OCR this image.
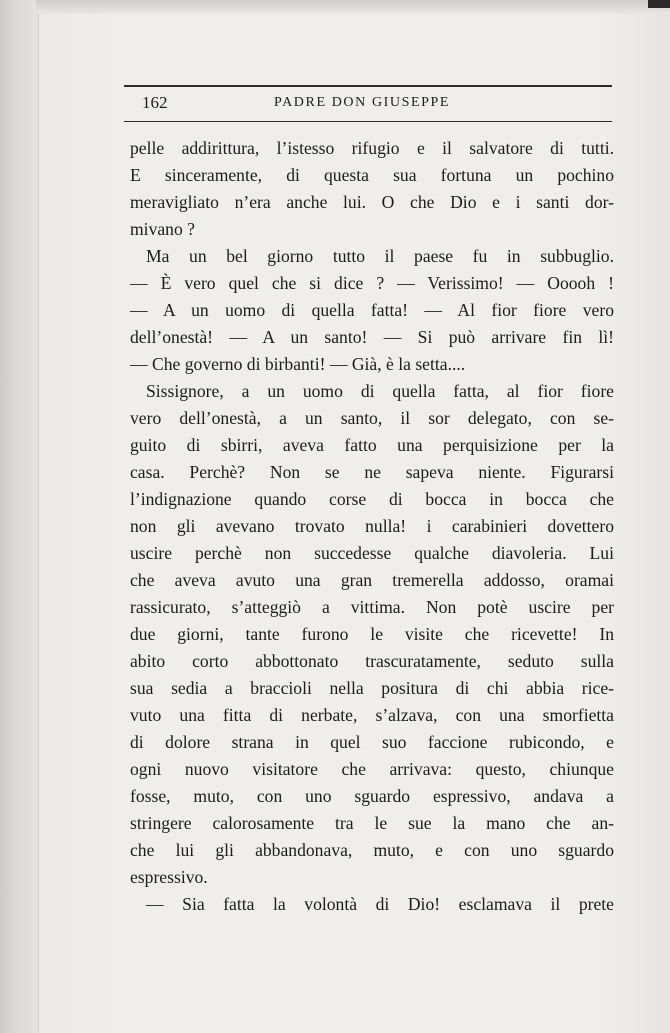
162	PADRE DON GIUSEPPE
pelle addirittura, l’istesso rifugio e il salvatore di tutti.
E sinceramente, di questa sua fortuna un pochino
meravigliato n’era anche lui. O che Dio e i santi dor-
mivano ?
Ma un bel giorno tutto il paese fu in subbuglio.
— È vero quel che si dice ? — Verissimo! — Ooooh !
— A un uomo di quella fatta! — Al fior fiore vero
dell’onestà! — A un santo! — Si può arrivare fin lì!
— Che governo di birbanti! — Già, è la setta....
Sissignore, a un uomo di quella fatta, al fior fiore
vero dell’onestà, a un santo, il sor delegato, con se-
guito di sbirri, aveva fatto una perquisizione per la
casa. Perchè? Non se ne sapeva niente. Figurarsi
l’indignazione quando corse di bocca in bocca che
non gli avevano trovato nulla! i carabinieri dovettero
uscire perchè non succedesse qualche diavoleria. Lui
che aveva avuto una gran tremerella addosso, oramai
rassicurato, s’atteggiò a vittima. Non potè uscire per
due giorni, tante furono le visite che ricevette! In
abito corto abbottonato trascuratamente, seduto sulla
sua sedia a braccioli nella positura di chi abbia rice-
vuto una fitta di nerbate, s’alzava, con una smorfietta
di dolore strana in quel suo faccione rubicondo, e
ogni nuovo visitatore che arrivava: questo, chiunque
fosse, muto, con uno sguardo espressivo, andava a
stringere calorosamente tra le sue la mano che an-
che lui gli abbandonava, muto, e con uno sguardo
espressivo.
— Sia fatta la volontà di Dio! esclamava il prete
